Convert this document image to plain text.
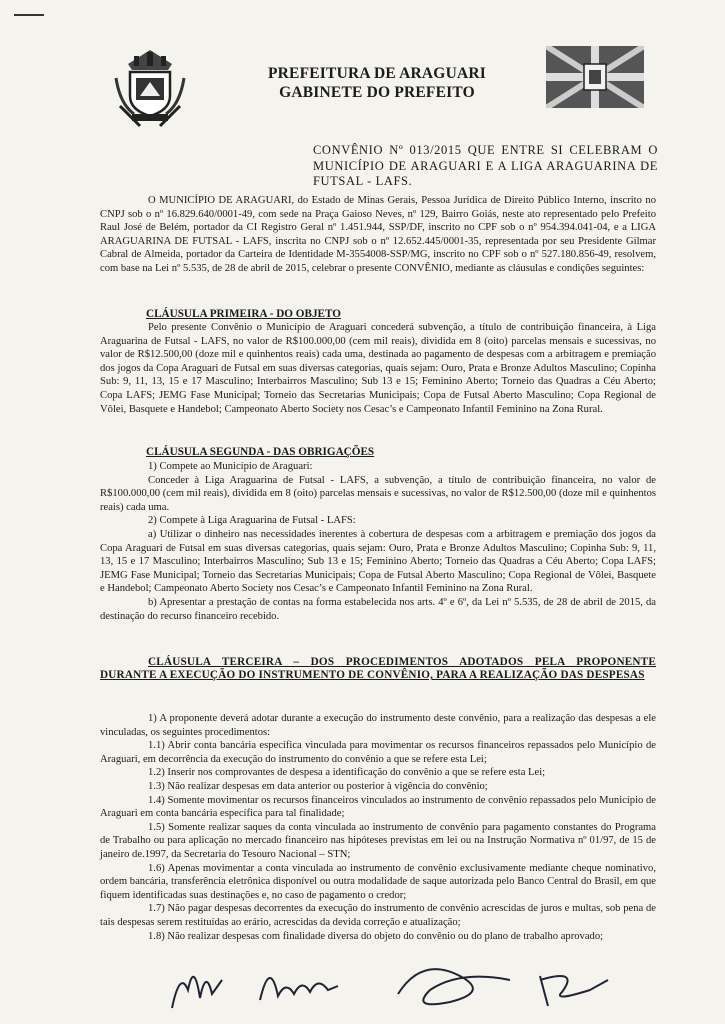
PREFEITURA DE ARAGUARI
GABINETE DO PREFEITO
CONVÊNIO Nº 013/2015 QUE ENTRE SI CELEBRAM O MUNICÍPIO DE ARAGUARI E A LIGA ARAGUARINA DE FUTSAL - LAFS.

O MUNICÍPIO DE ARAGUARI, do Estado de Minas Gerais, Pessoa Jurídica de Direito Público Interno, inscrito no CNPJ sob o nº 16.829.640/0001-49, com sede na Praça Gaioso Neves, nº 129, Bairro Goiás, neste ato representado pelo Prefeito Raul José de Belém, portador da CI Registro Geral nº 1.451.944, SSP/DF, inscrito no CPF sob o nº 954.394.041-04, e a LIGA ARAGUARINA DE FUTSAL - LAFS, inscrita no CNPJ sob o nº 12.652.445/0001-35, representada por seu Presidente Gilmar Cabral de Almeida, portador da Carteira de Identidade M-3554008-SSP/MG, inscrito no CPF sob o nº 527.180.856-49, resolvem, com base na Lei nº 5.535, de 28 de abril de 2015, celebrar o presente CONVÊNIO, mediante as cláusulas e condições seguintes:

CLÁUSULA PRIMEIRA - DO OBJETO

Pelo presente Convênio o Município de Araguari concederá subvenção, a título de contribuição financeira, à Liga Araguarina de Futsal - LAFS, no valor de R$100.000,00 (cem mil reais), dividida em 8 (oito) parcelas mensais e sucessivas, no valor de R$12.500,00 (doze mil e quinhentos reais) cada uma, destinada ao pagamento de despesas com a arbitragem e premiação dos jogos da Copa Araguari de Futsal em suas diversas categorias, quais sejam: Ouro, Prata e Bronze Adultos Masculino; Copinha Sub: 9, 11, 13, 15 e 17 Masculino; Interbairros Masculino; Sub 13 e 15; Feminino Aberto; Torneio das Quadras a Céu Aberto; Copa LAFS; JEMG Fase Municipal; Torneio das Secretarias Municipais; Copa de Futsal Aberto Masculino; Copa Regional de Vôlei, Basquete e Handebol; Campeonato Aberto Society nos Cesac’s e Campeonato Infantil Feminino na Zona Rural.

CLÁUSULA SEGUNDA - DAS OBRIGAÇÕES

1) Compete ao Município de Araguari:

Conceder à Liga Araguarina de Futsal - LAFS, a subvenção, a título de contribuição financeira, no valor de R$100.000,00 (cem mil reais), dividida em 8 (oito) parcelas mensais e sucessivas, no valor de R$12.500,00 (doze mil e quinhentos reais) cada uma.

2) Compete à Liga Araguarina de Futsal - LAFS:

a) Utilizar o dinheiro nas necessidades inerentes à cobertura de despesas com a arbitragem e premiação dos jogos da Copa Araguari de Futsal em suas diversas categorias, quais sejam: Ouro, Prata e Bronze Adultos Masculino; Copinha Sub: 9, 11, 13, 15 e 17 Masculino; Interbairros Masculino; Sub 13 e 15; Feminino Aberto; Torneio das Quadras a Céu Aberto; Copa LAFS; JEMG Fase Municipal; Torneio das Secretarias Municipais; Copa de Futsal Aberto Masculino; Copa Regional de Vôlei, Basquete e Handebol; Campeonato Aberto Society nos Cesac’s e Campeonato Infantil Feminino na Zona Rural.

b) Apresentar a prestação de contas na forma estabelecida nos arts. 4º e 6º, da Lei nº 5.535, de 28 de abril de 2015, da destinação do recurso financeiro recebido.

CLÁUSULA TERCEIRA – DOS PROCEDIMENTOS ADOTADOS PELA PROPONENTE DURANTE A EXECUÇÃO DO INSTRUMENTO DE CONVÊNIO, PARA A REALIZAÇÃO DAS DESPESAS

1) A proponente deverá adotar durante a execução do instrumento deste convênio, para a realização das despesas a ele vinculadas, os seguintes procedimentos:

1.1) Abrir conta bancária específica vinculada para movimentar os recursos financeiros repassados pelo Município de Araguari, em decorrência da execução do instrumento do convênio a que se refere esta Lei;

1.2) Inserir nos comprovantes de despesa a identificação do convênio a que se refere esta Lei;

1.3) Não realizar despesas em data anterior ou posterior à vigência do convênio;

1.4) Somente movimentar os recursos financeiros vinculados ao instrumento de convênio repassados pelo Município de Araguari em conta bancária específica para tal finalidade;

1.5) Somente realizar saques da conta vinculada ao instrumento de convênio para pagamento constantes do Programa de Trabalho ou para aplicação no mercado financeiro nas hipóteses previstas em lei ou na Instrução Normativa nº 01/97, de 15 de janeiro de.1997, da Secretaria do Tesouro Nacional – STN;

1.6) Apenas movimentar a conta vinculada ao instrumento de convênio exclusivamente mediante cheque nominativo, ordem bancária, transferência eletrônica disponível ou outra modalidade de saque autorizada pelo Banco Central do Brasil, em que fiquem identificadas suas destinações e, no caso de pagamento o credor;

1.7) Não pagar despesas decorrentes da execução do instrumento de convênio acrescidas de juros e multas, sob pena de tais despesas serem restituídas ao erário, acrescidas da devida correção e atualização;

1.8) Não realizar despesas com finalidade diversa do objeto do convênio ou do plano de trabalho aprovado;
